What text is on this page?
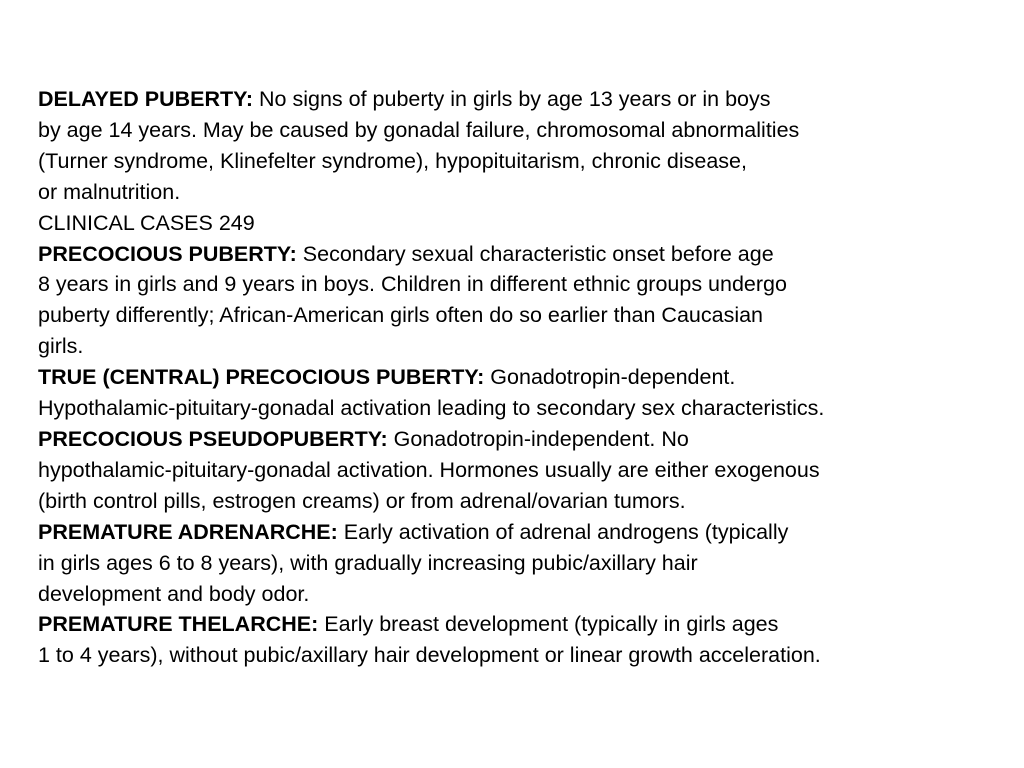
DELAYED PUBERTY: No signs of puberty in girls by age 13 years or in boys
by age 14 years. May be caused by gonadal failure, chromosomal abnormalities
(Turner syndrome, Klinefelter syndrome), hypopituitarism, chronic disease,
or malnutrition.
CLINICAL CASES 249
PRECOCIOUS PUBERTY: Secondary sexual characteristic onset before age
8 years in girls and 9 years in boys. Children in different ethnic groups undergo
puberty differently; African-American girls often do so earlier than Caucasian
girls.
TRUE (CENTRAL) PRECOCIOUS PUBERTY: Gonadotropin-dependent.
Hypothalamic-pituitary-gonadal activation leading to secondary sex characteristics.
PRECOCIOUS PSEUDOPUBERTY: Gonadotropin-independent. No
hypothalamic-pituitary-gonadal activation. Hormones usually are either exogenous
(birth control pills, estrogen creams) or from adrenal/ovarian tumors.
PREMATURE ADRENARCHE: Early activation of adrenal androgens (typically
in girls ages 6 to 8 years), with gradually increasing pubic/axillary hair
development and body odor.
PREMATURE THELARCHE: Early breast development (typically in girls ages
1 to 4 years), without pubic/axillary hair development or linear growth acceleration.
